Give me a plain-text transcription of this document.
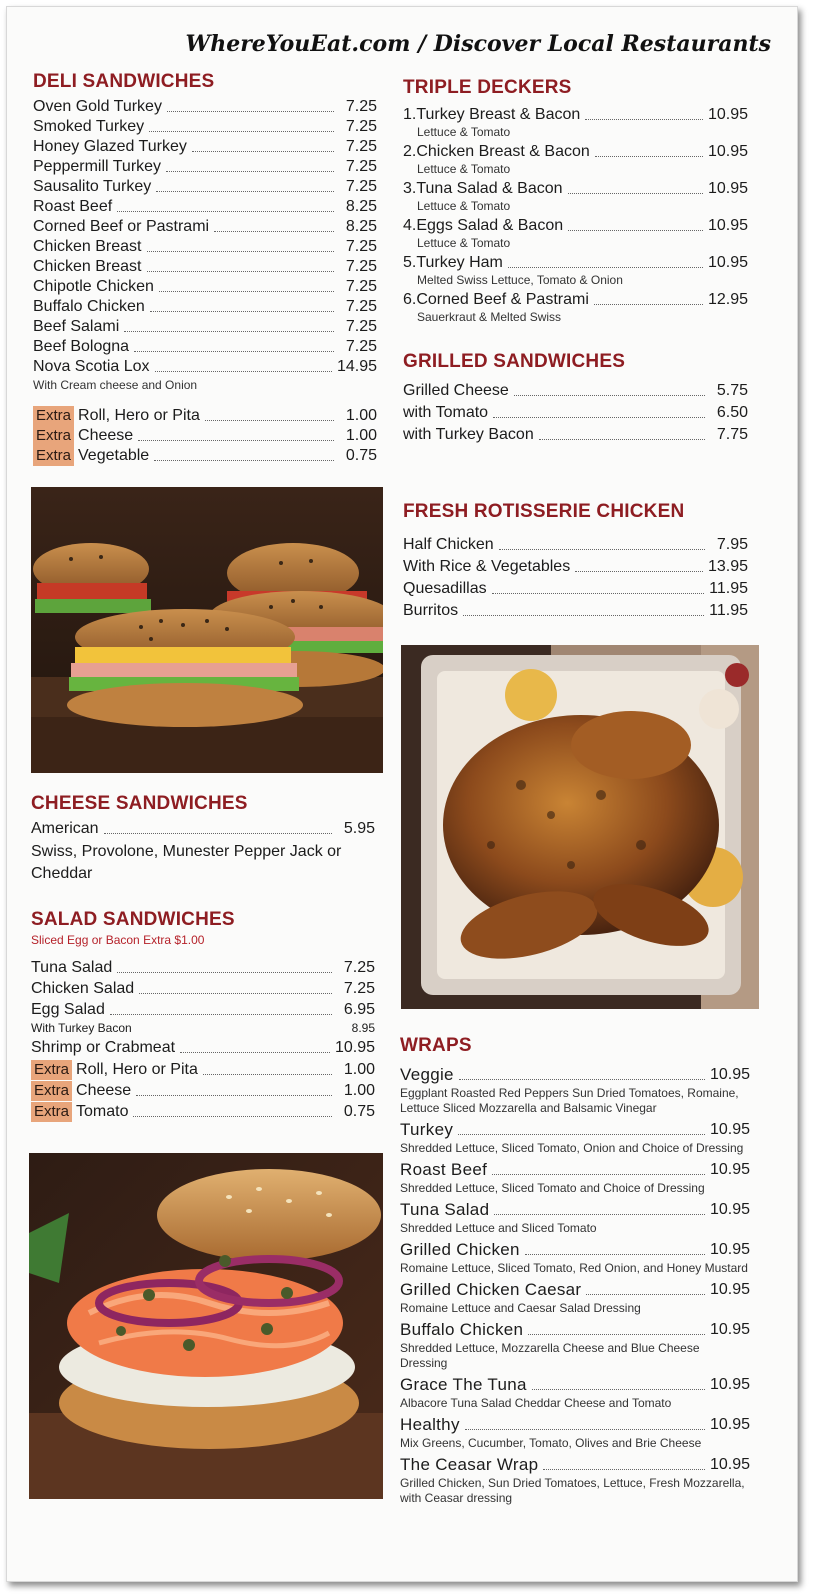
WhereYouEat.com / Discover Local Restaurants
DELI SANDWICHES
Oven Gold Turkey	7.25
Smoked Turkey	7.25
Honey Glazed Turkey	7.25
Peppermill Turkey	7.25
Sausalito Turkey	7.25
Roast Beef	8.25
Corned Beef or Pastrami	8.25
Chicken Breast	7.25
Chicken Breast	7.25
Chipotle Chicken	7.25
Buffalo Chicken	7.25
Beef Salami	7.25
Beef Bologna	7.25
Nova Scotia Lox	14.95
With Cream cheese and Onion
Extra Roll, Hero or Pita	1.00
Extra Cheese	1.00
Extra Vegetable	0.75
CHEESE SANDWICHES
American	5.95
Swiss, Provolone, Munester Pepper Jack or
Cheddar
SALAD SANDWICHES
Sliced Egg or Bacon Extra $1.00
Tuna Salad	7.25
Chicken Salad	7.25
Egg Salad	6.95
With Turkey Bacon	8.95
Shrimp or Crabmeat	10.95
Extra Roll, Hero or Pita	1.00
Extra Cheese	1.00
Extra Tomato	0.75
TRIPLE DECKERS
1.Turkey Breast & Bacon	10.95
Lettuce & Tomato
2.Chicken Breast & Bacon	10.95
Lettuce & Tomato
3.Tuna Salad & Bacon	10.95
Lettuce & Tomato
4.Eggs Salad & Bacon	10.95
Lettuce & Tomato
5.Turkey Ham	10.95
Melted Swiss Lettuce, Tomato & Onion
6.Corned Beef & Pastrami	12.95
Sauerkraut & Melted Swiss
GRILLED SANDWICHES
Grilled Cheese	5.75
with Tomato	6.50
with Turkey Bacon	7.75
FRESH ROTISSERIE CHICKEN
Half Chicken	7.95
With Rice & Vegetables	13.95
Quesadillas	11.95
Burritos	11.95
WRAPS
Veggie	10.95
Eggplant Roasted Red Peppers Sun Dried Tomatoes, Romaine,
Lettuce Sliced Mozzarella and Balsamic Vinegar
Turkey	10.95
Shredded Lettuce, Sliced Tomato, Onion and Choice of Dressing
Roast Beef	10.95
Shredded Lettuce, Sliced Tomato and Choice of Dressing
Tuna Salad	10.95
Shredded Lettuce and Sliced Tomato
Grilled Chicken	10.95
Romaine Lettuce, Sliced Tomato, Red Onion, and Honey Mustard
Grilled Chicken Caesar	10.95
Romaine Lettuce and Caesar Salad Dressing
Buffalo Chicken	10.95
Shredded Lettuce, Mozzarella Cheese and Blue Cheese Dressing
Grace The Tuna	10.95
Albacore Tuna Salad Cheddar Cheese and Tomato
Healthy	10.95
Mix Greens, Cucumber, Tomato, Olives and Brie Cheese
The Ceasar Wrap	10.95
Grilled Chicken, Sun Dried Tomatoes, Lettuce, Fresh Mozzarella,
with Ceasar dressing
